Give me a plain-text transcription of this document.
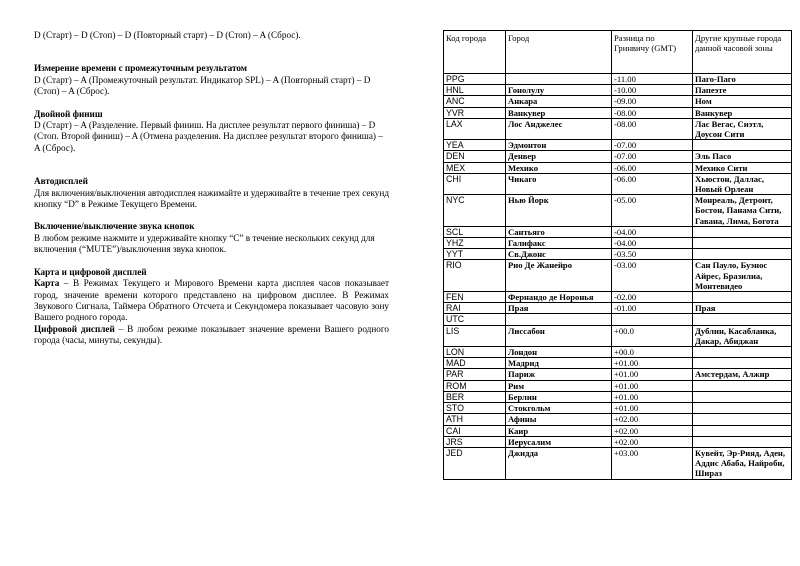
D (Старт) – D (Стоп) – D (Повторный старт) – D (Стоп) – A (Сброс).

Измерение времени с промежуточным результатом

D (Старт) – A (Промежуточный результат. Индикатор SPL) – A (Повторный старт) – D (Стоп) – A (Сброс).

Двойной финиш

D (Старт) – A (Разделение. Первый финиш. На дисплее результат первого финиша) – D (Стоп. Второй финиш) – A (Отмена разделения. На дисплее результат второго финиша) – A (Сброс).

Автодисплей

Для включения/выключения автодисплея нажимайте и удерживайте в течение трех секунд кнопку “D” в Режиме Текущего Времени.

Включение/выключение звука кнопок

В любом режиме нажмите и удерживайте кнопку “C” в течение нескольких секунд для включения (“MUTE”)/выключения звука кнопок.

Карта и цифровой дисплей

Карта – В Режимах Текущего и Мирового Времени карта дисплея часов показывает город, значение времени которого представлено на цифровом дисплее. В Режимах Звукового Сигнала, Таймера Обратного Отсчета и Секундомера показывает часовую зону Вашего родного города.

Цифровой дисплей – В любом режиме показывает значение времени Вашего родного города (часы, минуты, секунды).

Код города	Город	Разница по Гринвичу (GMT)	Другие крупные города данной часовой зоны
PPG		-11.00	Паго-Паго
HNL	Гонолулу	-10.00	Папеэте
ANC	Анкара	-09.00	Ном
YVR	Ванкувер	-08.00	Ванкувер
LAX	Лос Анджелес	-08.00	Лас Вегас, Сиэтл, Доусон Сити
YEA	Эдмонтон	-07.00	
DEN	Денвер	-07.00	Эль Пасо
MEX	Мехико	-06.00	Мехико Сити
CHI	Чикаго	-06.00	Хьюстон, Даллас, Новый Орлеан
NYC	Нью Йорк	-05.00	Монреаль, Детроит, Бостон, Панама Сити, Гавана, Лима, Богота
SCL	Сантьяго	-04.00	
YHZ	Галифакс	-04.00	
YYT	Св.Джонс	-03.50	
RIO	Рио Де Жанейро	-03.00	Сан Пауло, Буэнос Айрес, Бразилиа, Монтевидео
FEN	Фернандо де Норонья	-02.00	
RAI	Прая	-01.00	Прая
UTC			
LIS	Лиссабон	+00.0	Дублин, Касабланка, Дакар, Абиджан
LON	Лондон	+00.0	
MAD	Мадрид	+01.00	
PAR	Париж	+01.00	Амстердам, Алжир
ROM	Рим	+01.00	
BER	Берлин	+01.00	
STO	Стокгольм	+01.00	
ATH	Афины	+02.00	
CAI	Каир	+02.00	
JRS	Иерусалим	+02.00	
JED	Джидда	+03.00	Кувейт, Эр-Рияд, Аден, Аддис Абаба, Найроби, Шираз
